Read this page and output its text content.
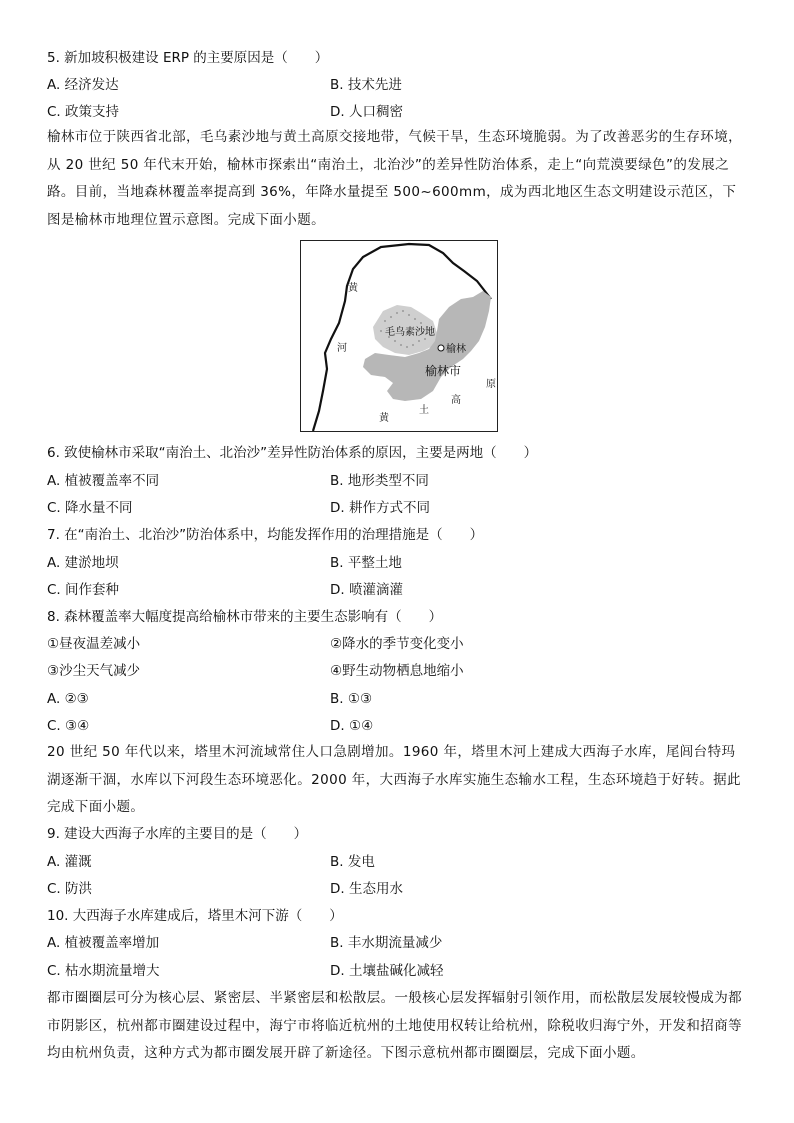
5. 新加坡积极建设 ERP 的主要原因是（　　）
A. 经济发达	B. 技术先进
C. 政策支持	D. 人口稠密
榆林市位于陕西省北部，毛乌素沙地与黄土高原交接地带，气候干旱，生态环境脆弱。为了改善恶劣的生存环境，从 20 世纪 50 年代末开始，榆林市探索出“南治土，北治沙”的差异性防治体系，走上“向荒漠要绿色”的发展之路。目前，当地森林覆盖率提高到 36%，年降水量提至 500~600mm，成为西北地区生态文明建设示范区，下图是榆林市地理位置示意图。完成下面小题。
黄
河
毛乌素沙地
榆林
榆林市
原
高
土
黄
6. 致使榆林市采取“南治土、北治沙”差异性防治体系的原因，主要是两地（　　）
A. 植被覆盖率不同	B. 地形类型不同
C. 降水量不同	D. 耕作方式不同
7. 在“南治土、北治沙”防治体系中，均能发挥作用的治理措施是（　　）
A. 建淤地坝	B. 平整土地
C. 间作套种	D. 喷灌滴灌
8. 森林覆盖率大幅度提高给榆林市带来的主要生态影响有（　　）
①昼夜温差减小	②降水的季节变化变小
③沙尘天气减少	④野生动物栖息地缩小
A. ②③	B. ①③
C. ③④	D. ①④
20 世纪 50 年代以来，塔里木河流域常住人口急剧增加。1960 年，塔里木河上建成大西海子水库，尾闾台特玛湖逐渐干涸，水库以下河段生态环境恶化。2000 年，大西海子水库实施生态输水工程，生态环境趋于好转。据此完成下面小题。
9. 建设大西海子水库的主要目的是（　　）
A. 灌溉	B. 发电
C. 防洪	D. 生态用水
10. 大西海子水库建成后，塔里木河下游（　　）
A. 植被覆盖率增加	B. 丰水期流量减少
C. 枯水期流量增大	D. 土壤盐碱化减轻
都市圈圈层可分为核心层、紧密层、半紧密层和松散层。一般核心层发挥辐射引领作用，而松散层发展较慢成为都市阴影区，杭州都市圈建设过程中，海宁市将临近杭州的土地使用权转让给杭州，除税收归海宁外，开发和招商等均由杭州负责，这种方式为都市圈发展开辟了新途径。下图示意杭州都市圈圈层，完成下面小题。
